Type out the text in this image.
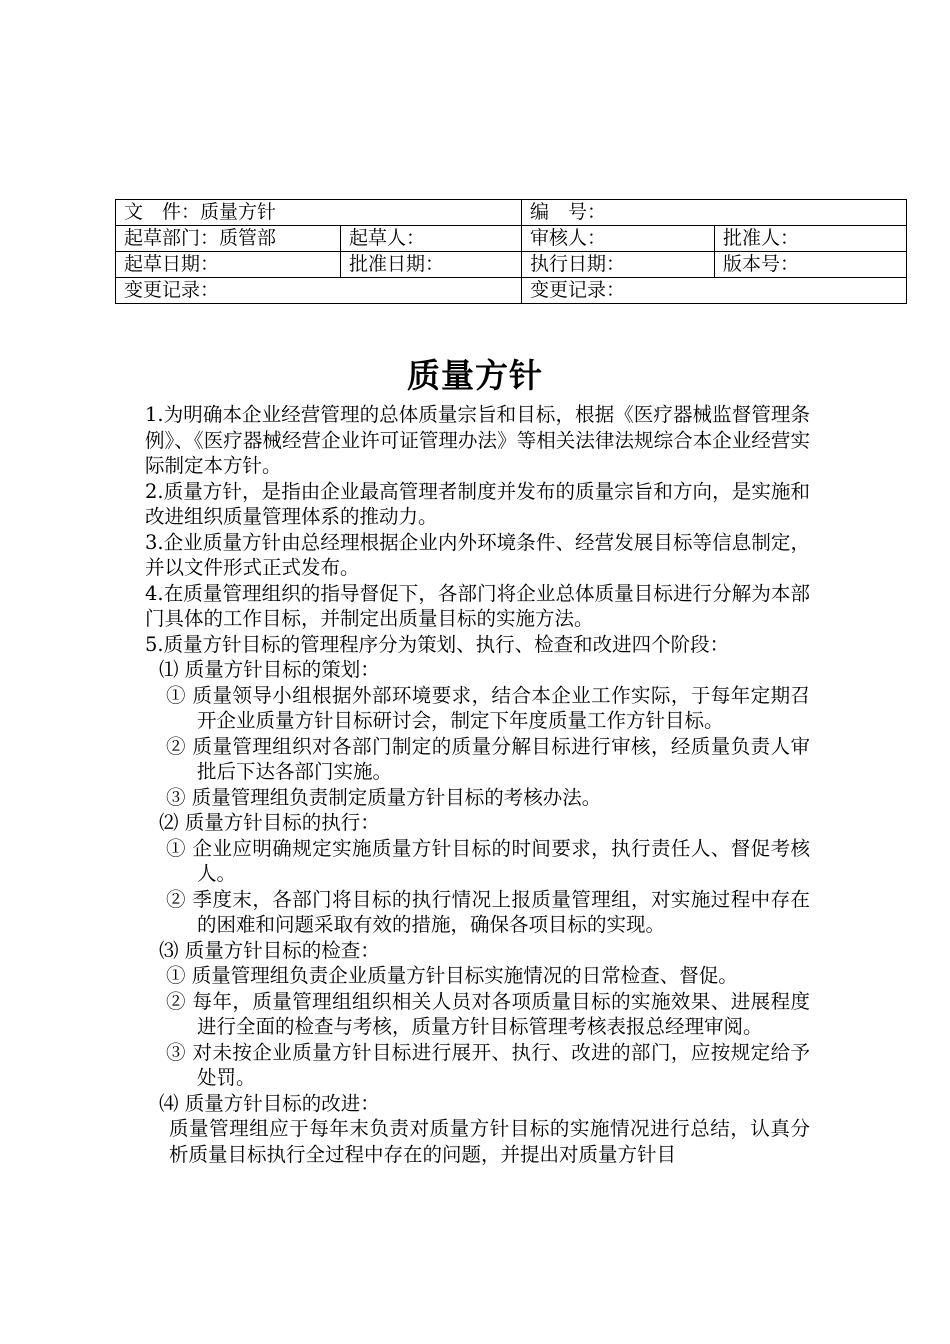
文　件：质量方针		编　号：	
起草部门：质管部	起草人：	审核人：	批准人：
起草日期：	批准日期：	执行日期：	版本号：
变更记录：		变更记录：	
质量方针

1.为明确本企业经营管理的总体质量宗旨和目标，根据《医疗器械监督管理条例》、《医疗器械经营企业许可证管理办法》等相关法律法规综合本企业经营实际制定本方针。

2.质量方针，是指由企业最高管理者制度并发布的质量宗旨和方向，是实施和改进组织质量管理体系的推动力。

3.企业质量方针由总经理根据企业内外环境条件、经营发展目标等信息制定，并以文件形式正式发布。

4.在质量管理组织的指导督促下，各部门将企业总体质量目标进行分解为本部门具体的工作目标，并制定出质量目标的实施方法。

5.质量方针目标的管理程序分为策划、执行、检查和改进四个阶段：

⑴ 质量方针目标的策划：

① 质量领导小组根据外部环境要求，结合本企业工作实际，于每年定期召开企业质量方针目标研讨会，制定下年度质量工作方针目标。

② 质量管理组织对各部门制定的质量分解目标进行审核，经质量负责人审批后下达各部门实施。

③ 质量管理组负责制定质量方针目标的考核办法。

⑵ 质量方针目标的执行：

① 企业应明确规定实施质量方针目标的时间要求，执行责任人、督促考核人。

② 季度末，各部门将目标的执行情况上报质量管理组，对实施过程中存在的困难和问题采取有效的措施，确保各项目标的实现。

⑶ 质量方针目标的检查：

① 质量管理组负责企业质量方针目标实施情况的日常检查、督促。

② 每年，质量管理组组织相关人员对各项质量目标的实施效果、进展程度进行全面的检查与考核，质量方针目标管理考核表报总经理审阅。

③ 对未按企业质量方针目标进行展开、执行、改进的部门，应按规定给予处罚。

⑷ 质量方针目标的改进：

质量管理组应于每年末负责对质量方针目标的实施情况进行总结，认真分析质量目标执行全过程中存在的问题，并提出对质量方针目
